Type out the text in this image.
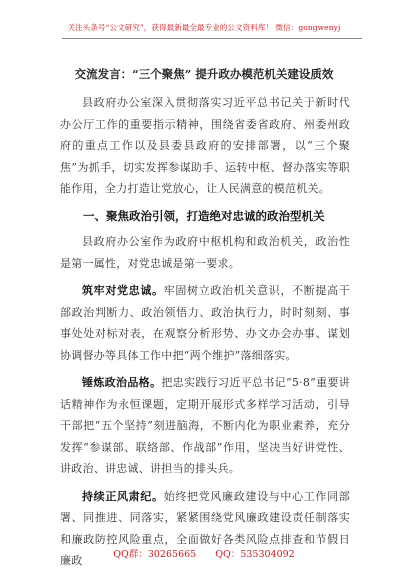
关注头条号“公文研究”，获得最新最全最专业的公文资料库！ 微信：gongwenyj
交流发言：“三个聚焦” 提升政办模范机关建设质效

县政府办公室深入贯彻落实习近平总书记关于新时代办公厅工作的重要指示精神，围绕省委省政府、州委州政府的重点工作以及县委县政府的安排部署，以“三个聚焦”为抓手，切实发挥参谋助手、运转中枢、督办落实等职能作用，全力打造让党放心，让人民满意的模范机关。

一、聚焦政治引领，打造绝对忠诚的政治型机关

县政府办公室作为政府中枢机构和政治机关，政治性是第一属性，对党忠诚是第一要求。

筑牢对党忠诚。牢固树立政治机关意识，不断提高干部政治判断力、政治领悟力、政治执行力，时时刻刻、事事处处对标对表，在观察分析形势、办文办会办事、谋划协调督办等具体工作中把“两个维护”落细落实。

锤炼政治品格。把忠实践行习近平总书记“5·8”重要讲话精神作为永恒课题，定期开展形式多样学习活动，引导干部把“五个坚持”刻进脑海，不断内化为职业素养，充分发挥“参谋部、联络部、作战部”作用，坚决当好讲党性、讲政治、讲忠诚、讲担当的排头兵。

持续正风肃纪。始终把党风廉政建设与中心工作同部署、同推进、同落实，紧紧围绕党风廉政建设责任制落实和廉政防控风险重点，全面做好各类风险点排查和节假日廉政	QQ群：30265665 QQ：535304092
